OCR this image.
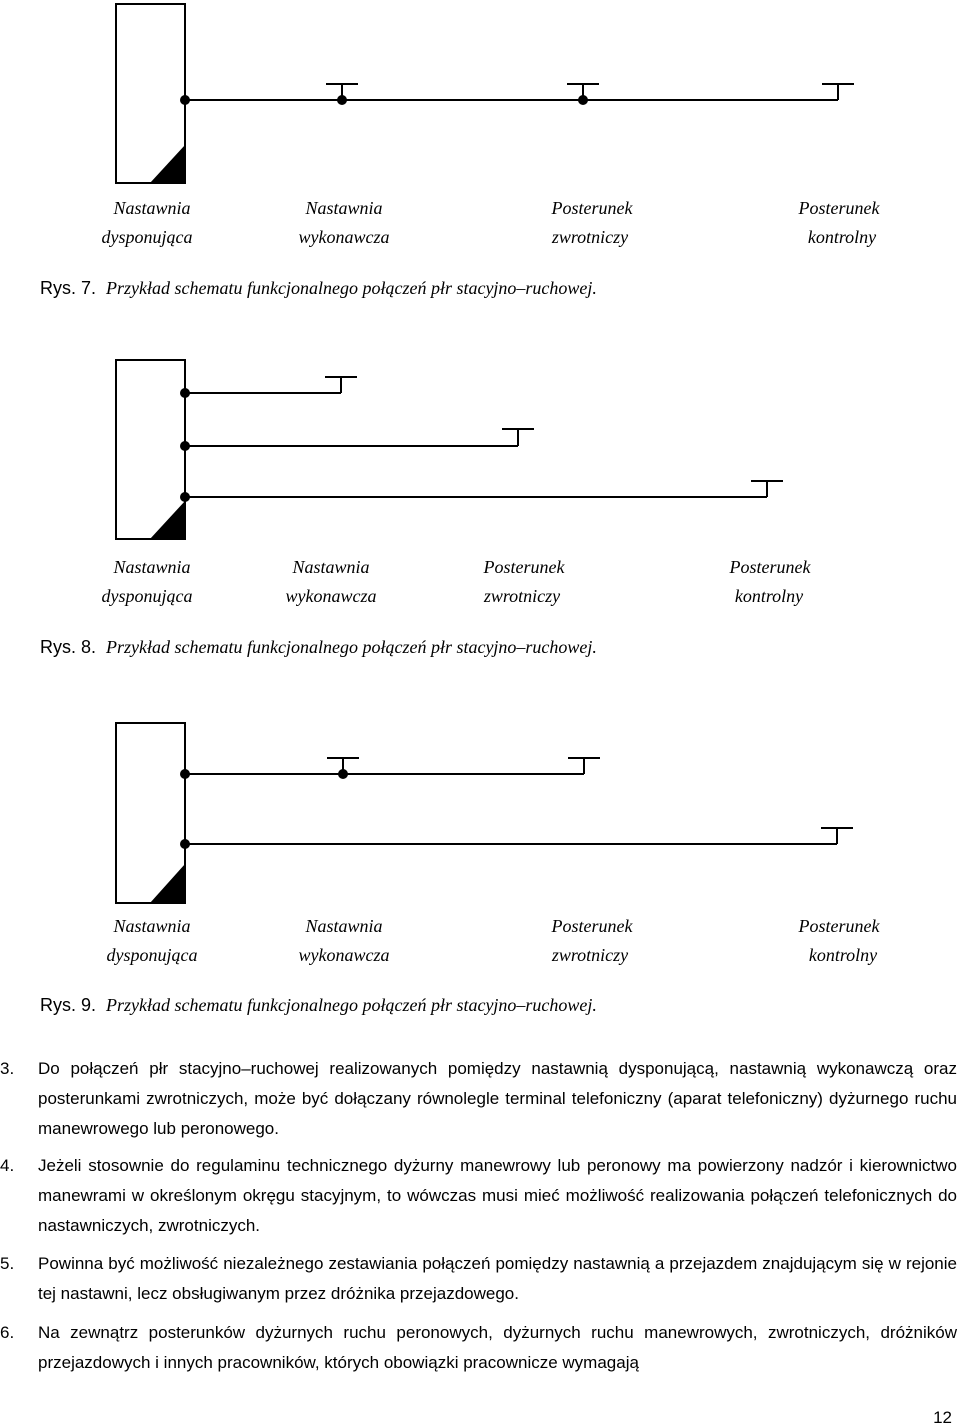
Nastawnia
dysponująca
Nastawnia
wykonawcza
Posterunek
zwrotniczy
Posterunek
kontrolny
Rys. 7. Przykład schematu funkcjonalnego połączeń płr stacyjno–ruchowej.
Nastawnia
dysponująca
Nastawnia
wykonawcza
Posterunek
zwrotniczy
Posterunek
kontrolny
Rys. 8. Przykład schematu funkcjonalnego połączeń płr stacyjno–ruchowej.
Nastawnia
dysponująca
Nastawnia
wykonawcza
Posterunek
zwrotniczy
Posterunek
kontrolny
Rys. 9. Przykład schematu funkcjonalnego połączeń płr stacyjno–ruchowej.
3. Do połączeń płr stacyjno–ruchowej realizowanych pomiędzy nastawnią dysponującą, nastawnią wykonawczą oraz posterunkami zwrotniczych, może być dołączany równolegle terminal telefoniczny (aparat telefoniczny) dyżurnego ruchu manewrowego lub peronowego.
4. Jeżeli stosownie do regulaminu technicznego dyżurny manewrowy lub peronowy ma powierzony nadzór i kierownictwo manewrami w określonym okręgu stacyjnym, to wówczas musi mieć możliwość realizowania połączeń telefonicznych do nastawniczych, zwrotniczych.
5. Powinna być możliwość niezależnego zestawiania połączeń pomiędzy nastawnią a przejazdem znajdującym się w rejonie tej nastawni, lecz obsługiwanym przez dróżnika przejazdowego.
6. Na zewnątrz posterunków dyżurnych ruchu peronowych, dyżurnych ruchu manewrowych, zwrotniczych, dróżników przejazdowych i innych pracowników, których obowiązki pracownicze wymagają
12
